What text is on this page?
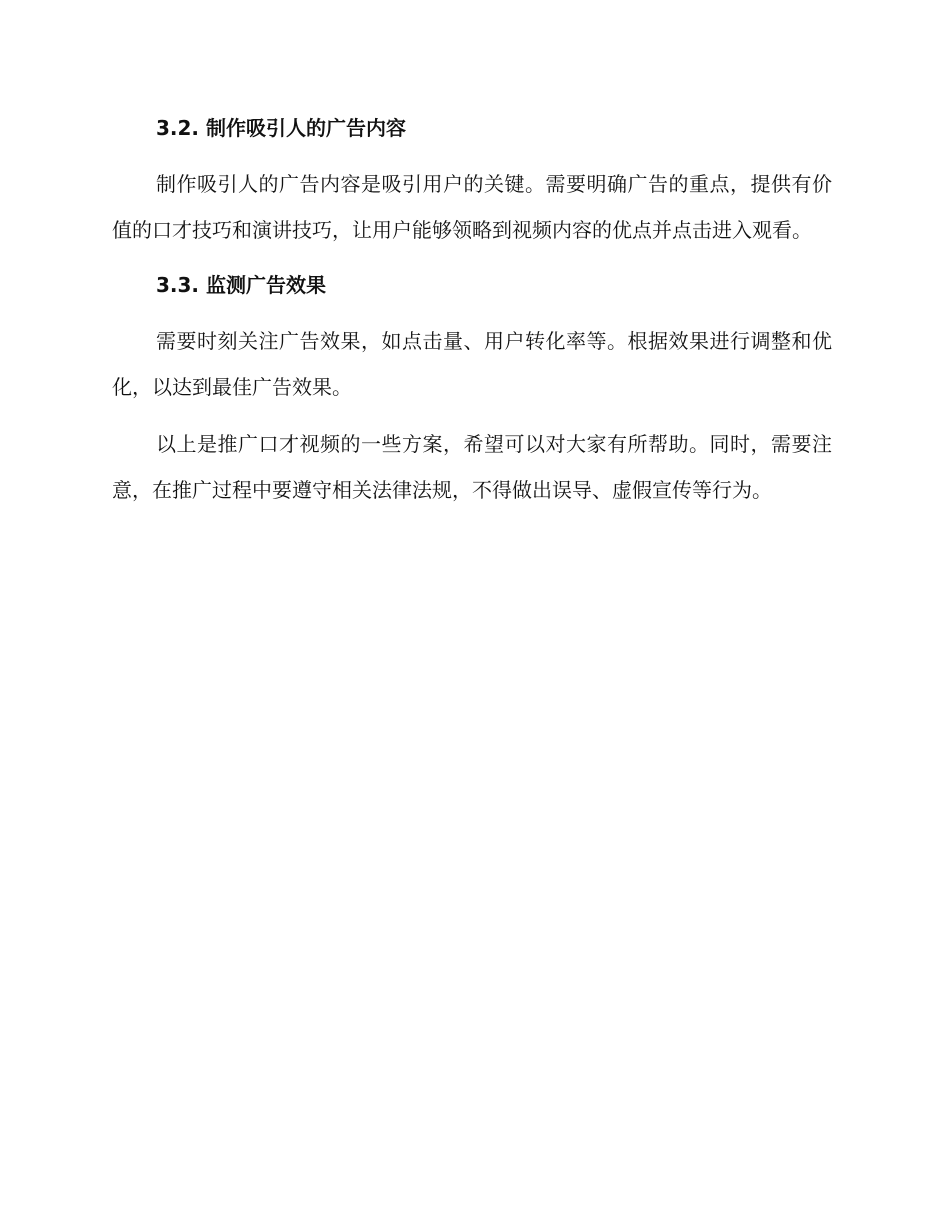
3.2. 制作吸引人的广告内容

制作吸引人的广告内容是吸引用户的关键。需要明确广告的重点，提供有价值的口才技巧和演讲技巧，让用户能够领略到视频内容的优点并点击进入观看。

3.3. 监测广告效果

需要时刻关注广告效果，如点击量、用户转化率等。根据效果进行调整和优化，以达到最佳广告效果。

以上是推广口才视频的一些方案，希望可以对大家有所帮助。同时，需要注意，在推广过程中要遵守相关法律法规，不得做出误导、虚假宣传等行为。
